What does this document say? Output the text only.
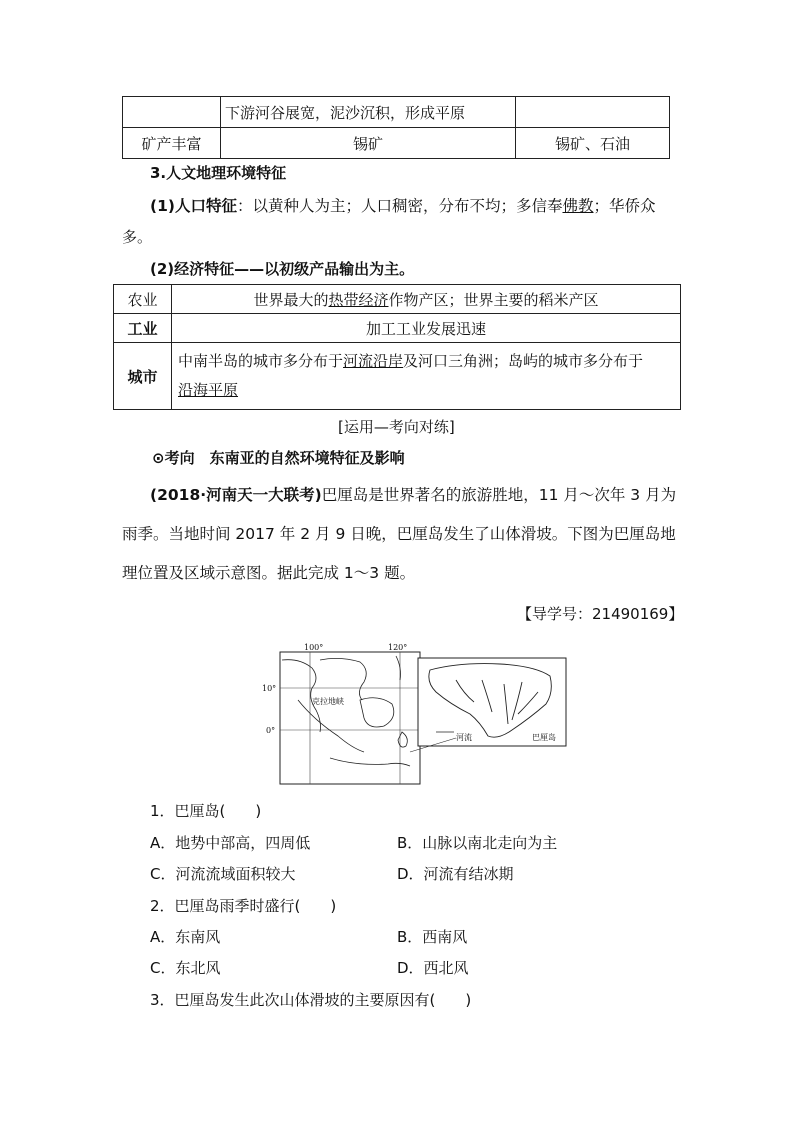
	下游河谷展宽，泥沙沉积，形成平原	
矿产丰富	锡矿	锡矿、石油
3.人文地理环境特征
(1)人口特征：以黄种人为主；人口稠密，分布不均；多信奉佛教；华侨众
多。
(2)经济特征——以初级产品输出为主。
农业	世界最大的热带经济作物产区；世界主要的稻米产区
工业	加工工业发展迅速
城市	中南半岛的城市多分布于河流沿岸及河口三角洲；岛屿的城市多分布于
沿海平原
[运用—考向对练]
⊙考向　东南亚的自然环境特征及影响
(2018·河南天一大联考)巴厘岛是世界著名的旅游胜地，11 月～次年 3 月为
雨季。当地时间 2017 年 2 月 9 日晚，巴厘岛发生了山体滑坡。下图为巴厘岛地
理位置及区域示意图。据此完成 1～3 题。
【导学号：21490169】
100°	120°
10°
0°
克拉地峡
河流	巴厘岛
1．巴厘岛(　　)
A．地势中部高，四周低	B．山脉以南北走向为主
C．河流流域面积较大	D．河流有结冰期
2．巴厘岛雨季时盛行(　　)
A．东南风	B．西南风
C．东北风	D．西北风
3．巴厘岛发生此次山体滑坡的主要原因有(　　)
